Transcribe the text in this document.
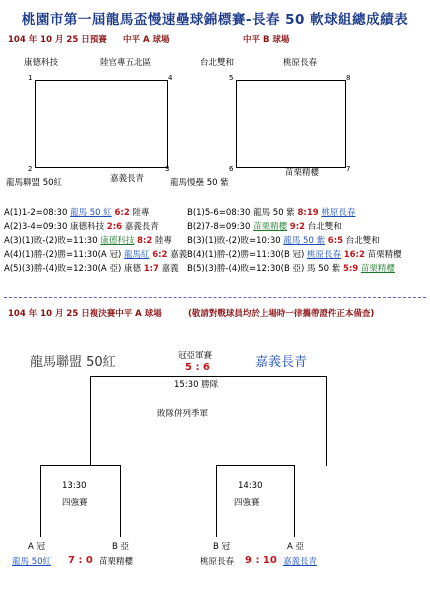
桃園市第一屆龍馬盃慢速壘球錦標賽-長春 50 軟球組總成績表
104 年 10 月 25 日預賽 中平 A 球場	中平 B 球場
康德科技	陸官專五北區
1	4
2	3
龍馬聯盟 50紅	嘉義長青
台北雙和	桃原長春
5	8
6	7
龍馬慢壘 50 紫
苗栗精櫻
A(1)1-2=08:30 龍馬 50 紅 6:2 陸專
A(2)3-4=09:30 康德科技 2:6 嘉義長青
A(3)(1)敗-(2)敗=11:30 康德科技 8:2 陸專
A(4)(1)勝-(2)勝=11:30(A 冠) 龍馬紅 6:2 嘉義
A(5)(3)勝-(4)敗=12:30(A 亞) 康德 1:7 嘉義
B(1)5-6=08:30 龍馬 50 紫 8:19 桃原長春
B(2)7-8=09:30 苗栗精櫻 9:2 台北雙和
B(3)(1)敗-(2)敗=10:30 龍馬 50 紫 6:5 台北雙和
B(4)(1)勝-(2)勝=11:30(B 冠) 桃原長春 16:2 苗栗精櫻
B(5)(3)勝-(4)敗=12:30(B 亞) 馬 50 紫 5:9 苗栗精櫻
104 年 10 月 25 日複決賽中平 A 球場	(敬請對戰球員均於上場時一律攜帶證件正本備查)
龍馬聯盟 50紅	嘉義長青
冠亞軍賽
5 : 6
15:30 勝隊
敗隊併列季軍
13:30
四強賽
A 冠	B 亞
龍馬 50紅 7 : 0 苗栗精櫻
14:30
四強賽
B 冠	A 亞
桃原長春 9 : 10 嘉義長青
